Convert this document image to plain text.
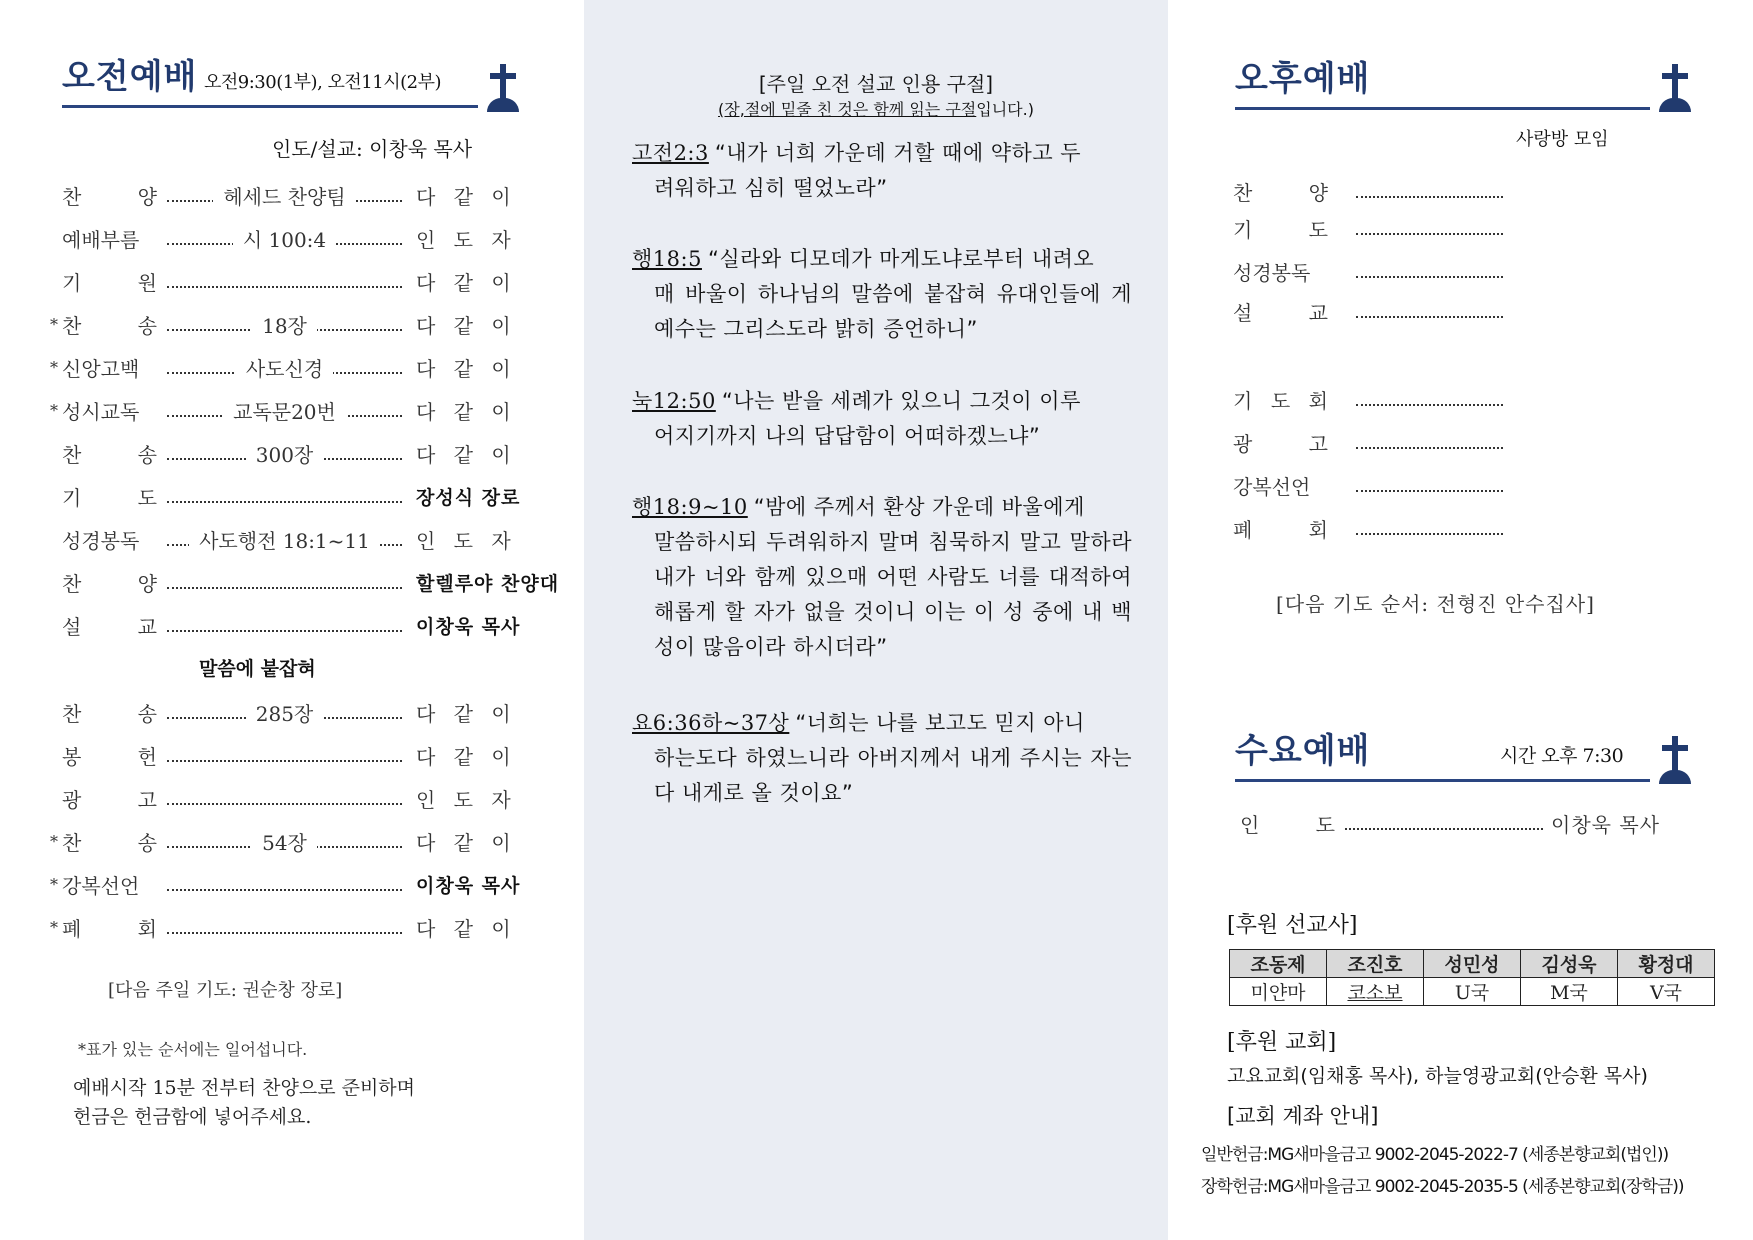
오전예배 오전9:30(1부), 오전11시(2부)
인도/설교: 이창욱 목사
찬	양	헤세드 찬양팀	다 같 이
예배부름	시 100:4	인 도 자
기	원	다 같 이
* 찬	송	18장	다 같 이
* 신앙고백	사도신경	다 같 이
* 성시교독	교독문20번	다 같 이
찬	송	300장	다 같 이
기	도	장성식 장로
성경봉독	사도행전 18:1~11	인 도 자
찬	양	할렐루야 찬양대
설	교	이창욱 목사
말씀에 붙잡혀
찬	송	285장	다 같 이
봉	헌	다 같 이
광	고	인 도 자
* 찬	송	54장	다 같 이
* 강복선언	이창욱 목사
* 폐	회	다 같 이
[다음 주일 기도: 권순창 장로]
*표가 있는 순서에는 일어섭니다.
예배시작 15분 전부터 찬양으로 준비하며
헌금은 헌금함에 넣어주세요.
[주일 오전 설교 인용 구절]
(장,절에 밑줄 친 것은 함께 읽는 구절입니다.)
고전2:3 “내가 너희 가운데 거할 때에 약하고 두
려워하고 심히 떨었노라”
행18:5 “실라와 디모데가 마게도냐로부터 내려오
매 바울이 하나님의 말씀에 붙잡혀 유대인들에 게 예수는 그리스도라 밝히 증언하니”
눅12:50 “나는 받을 세례가 있으니 그것이 이루
어지기까지 나의 답답함이 어떠하겠느냐”
행18:9~10 “밤에 주께서 환상 가운데 바울에게
말씀하시되 두려워하지 말며 침묵하지 말고 말하라 내가 너와 함께 있으매 어떤 사람도 너를 대적하여 해롭게 할 자가 없을 것이니 이는 이 성 중에 내 백성이 많음이라 하시더라”
요6:36하~37상 “너희는 나를 보고도 믿지 아니
하는도다 하였느니라 아버지께서 내게 주시는 자는 다 내게로 올 것이요”
오후예배
사랑방 모임
찬	양
기	도
성경봉독
설	교
기 도 회
광	고
강복선언
폐	회
[다음 기도 순서: 전형진 안수집사]
수요예배	시간 오후 7:30
인	도	이창욱 목사
[후원 선교사]
조동제	조진호	성민성	김성욱	황정대
미얀마	코소보	U국	M국	V국
[후원 교회]
고요교회(임채홍 목사), 하늘영광교회(안승환 목사)
[교회 계좌 안내]
일반헌금:MG새마을금고 9002-2045-2022-7 (세종본향교회(법인))
장학헌금:MG새마을금고 9002-2045-2035-5 (세종본향교회(장학금))
